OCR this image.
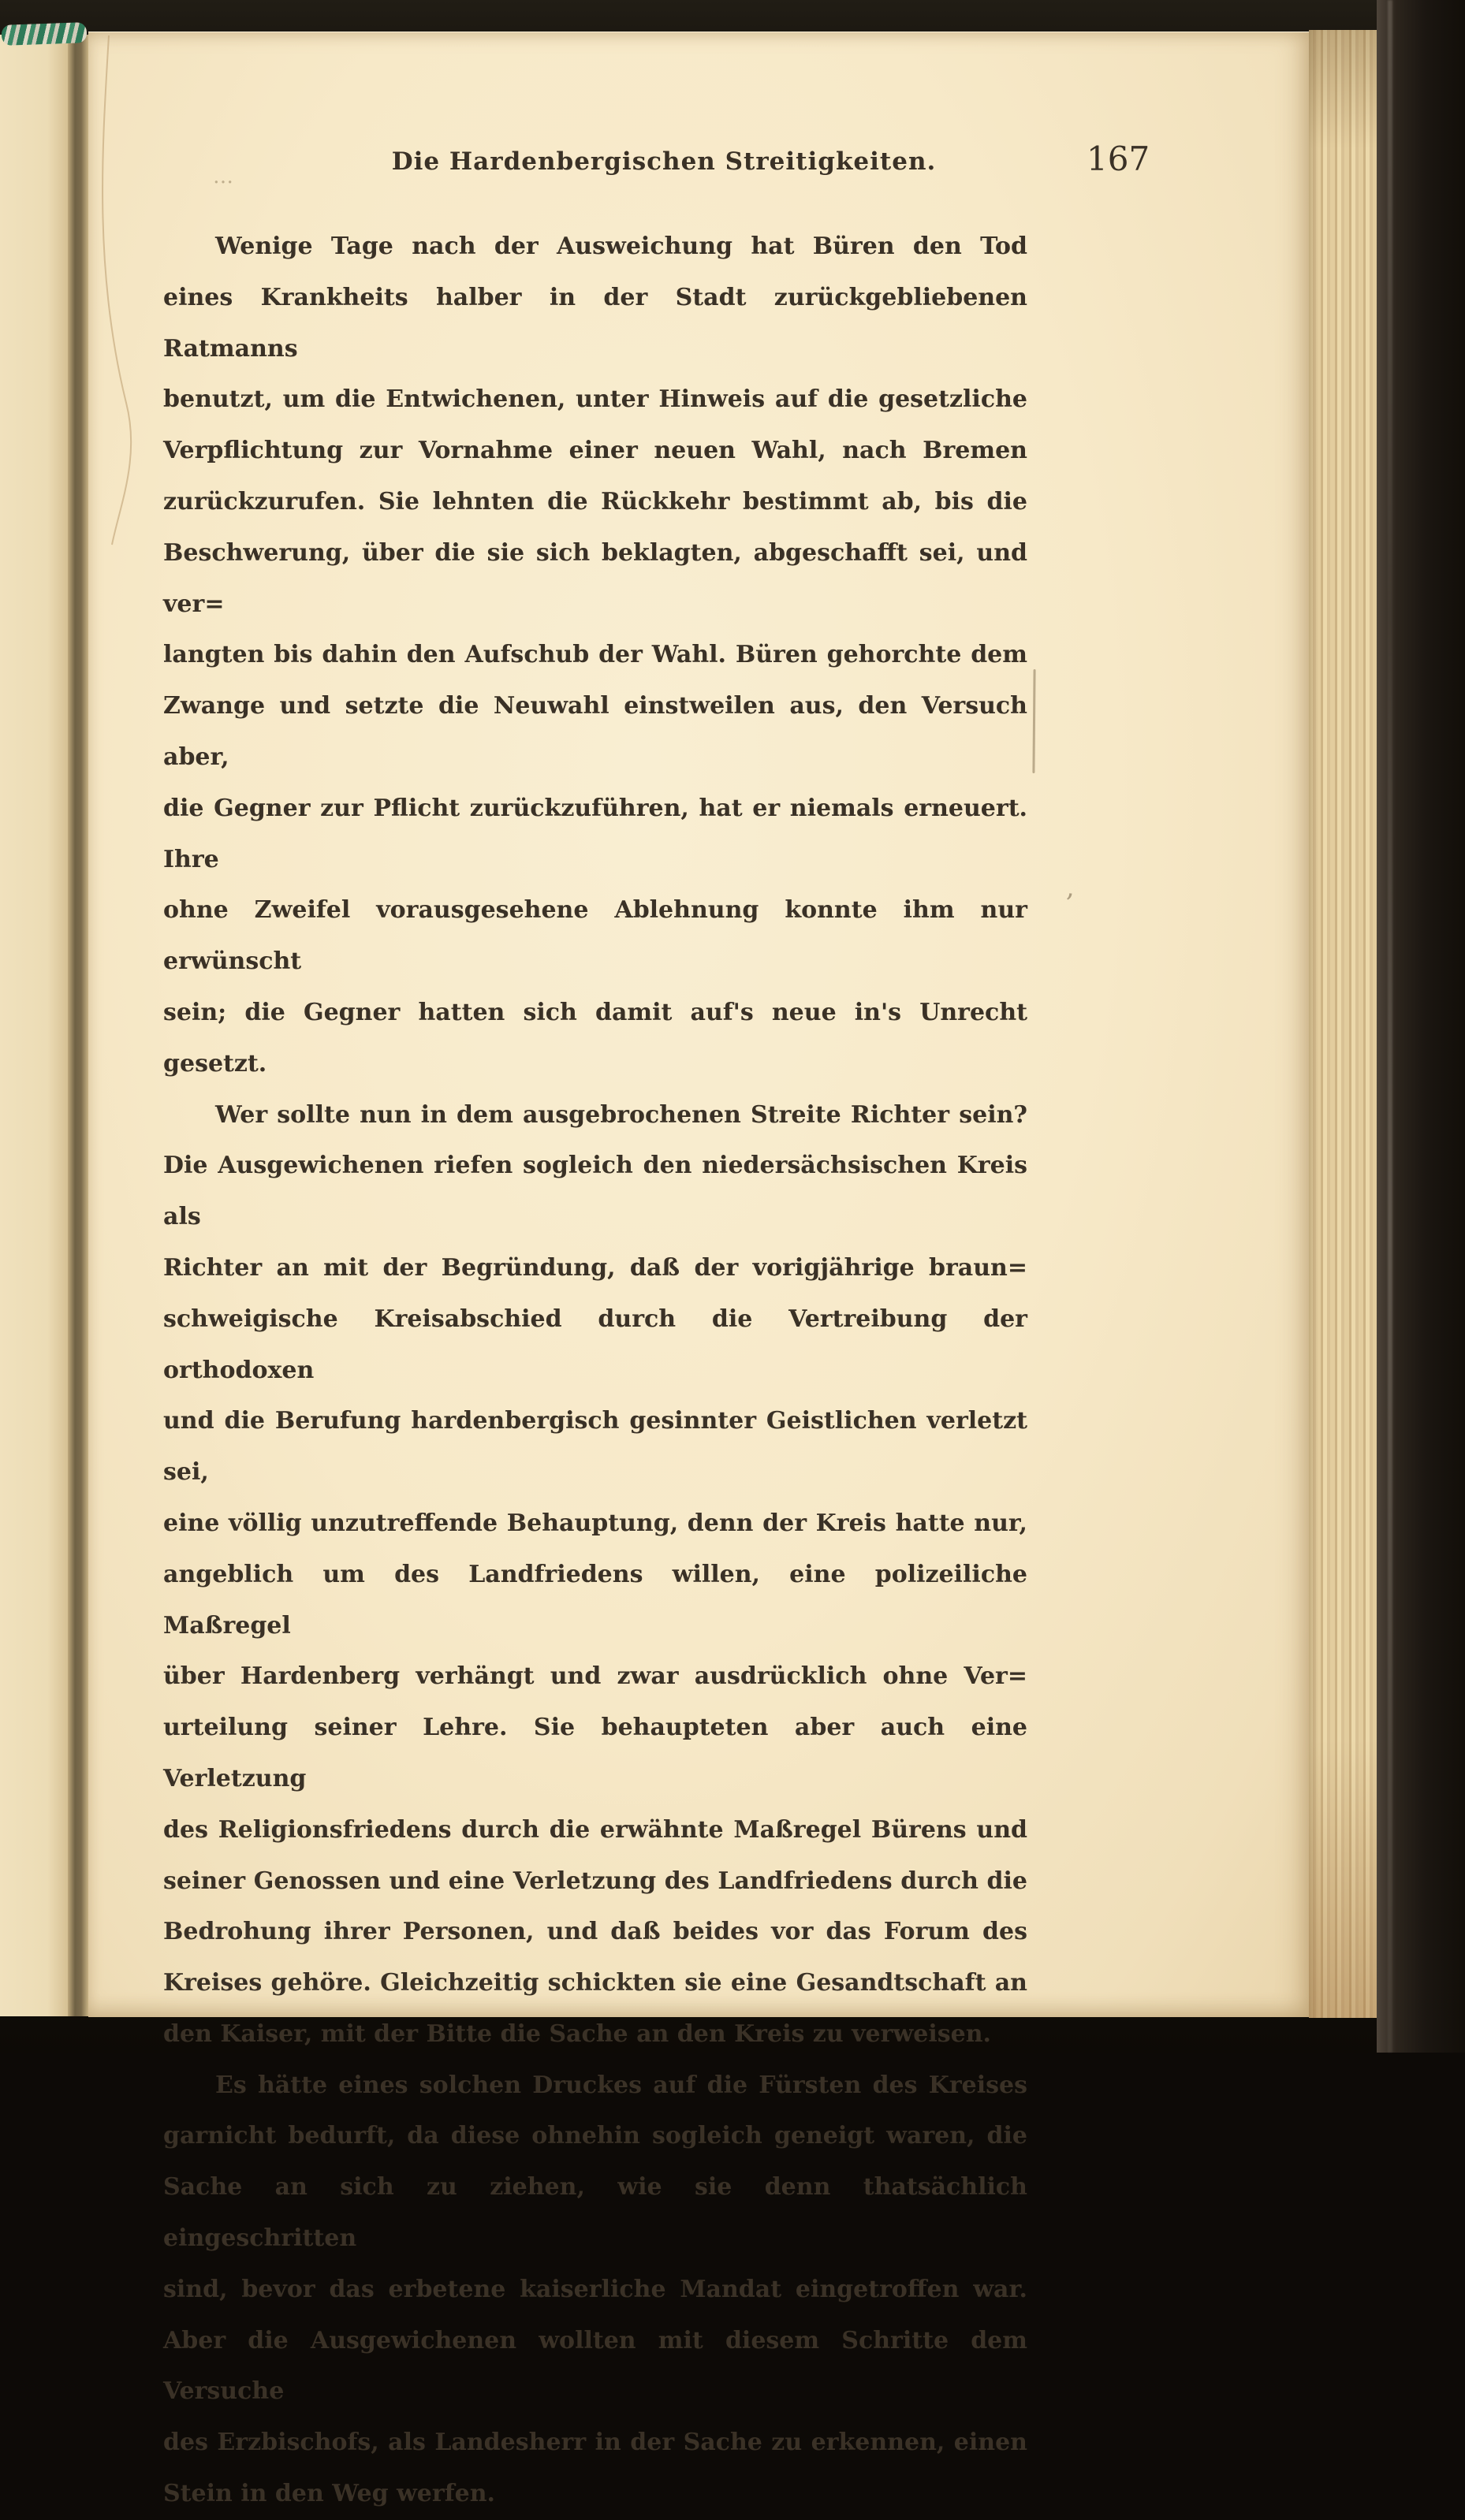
…
Die Hardenbergischen Streitigkeiten.	167
Wenige Tage nach der Ausweichung hat Büren den Tod
eines Krankheits halber in der Stadt zurückgebliebenen Ratmanns
benutzt, um die Entwichenen, unter Hinweis auf die gesetzliche
Verpflichtung zur Vornahme einer neuen Wahl, nach Bremen
zurückzurufen. Sie lehnten die Rückkehr bestimmt ab, bis die
Beschwerung, über die sie sich beklagten, abgeschafft sei, und ver=
langten bis dahin den Aufschub der Wahl. Büren gehorchte dem
Zwange und setzte die Neuwahl einstweilen aus, den Versuch aber,
die Gegner zur Pflicht zurückzuführen, hat er niemals erneuert. Ihre
ohne Zweifel vorausgesehene Ablehnung konnte ihm nur erwünscht
sein; die Gegner hatten sich damit auf's neue in's Unrecht gesetzt.
Wer sollte nun in dem ausgebrochenen Streite Richter sein?
Die Ausgewichenen riefen sogleich den niedersächsischen Kreis als
Richter an mit der Begründung, daß der vorigjährige braun=
schweigische Kreisabschied durch die Vertreibung der orthodoxen
und die Berufung hardenbergisch gesinnter Geistlichen verletzt sei,
eine völlig unzutreffende Behauptung, denn der Kreis hatte nur,
angeblich um des Landfriedens willen, eine polizeiliche Maßregel
über Hardenberg verhängt und zwar ausdrücklich ohne Ver=
urteilung seiner Lehre. Sie behaupteten aber auch eine Verletzung
des Religionsfriedens durch die erwähnte Maßregel Bürens und
seiner Genossen und eine Verletzung des Landfriedens durch die
Bedrohung ihrer Personen, und daß beides vor das Forum des
Kreises gehöre. Gleichzeitig schickten sie eine Gesandtschaft an
den Kaiser, mit der Bitte die Sache an den Kreis zu verweisen.
Es hätte eines solchen Druckes auf die Fürsten des Kreises
garnicht bedurft, da diese ohnehin sogleich geneigt waren, die
Sache an sich zu ziehen, wie sie denn thatsächlich eingeschritten
sind, bevor das erbetene kaiserliche Mandat eingetroffen war.
Aber die Ausgewichenen wollten mit diesem Schritte dem Versuche
des Erzbischofs, als Landesherr in der Sache zu erkennen, einen
Stein in den Weg werfen.
’
